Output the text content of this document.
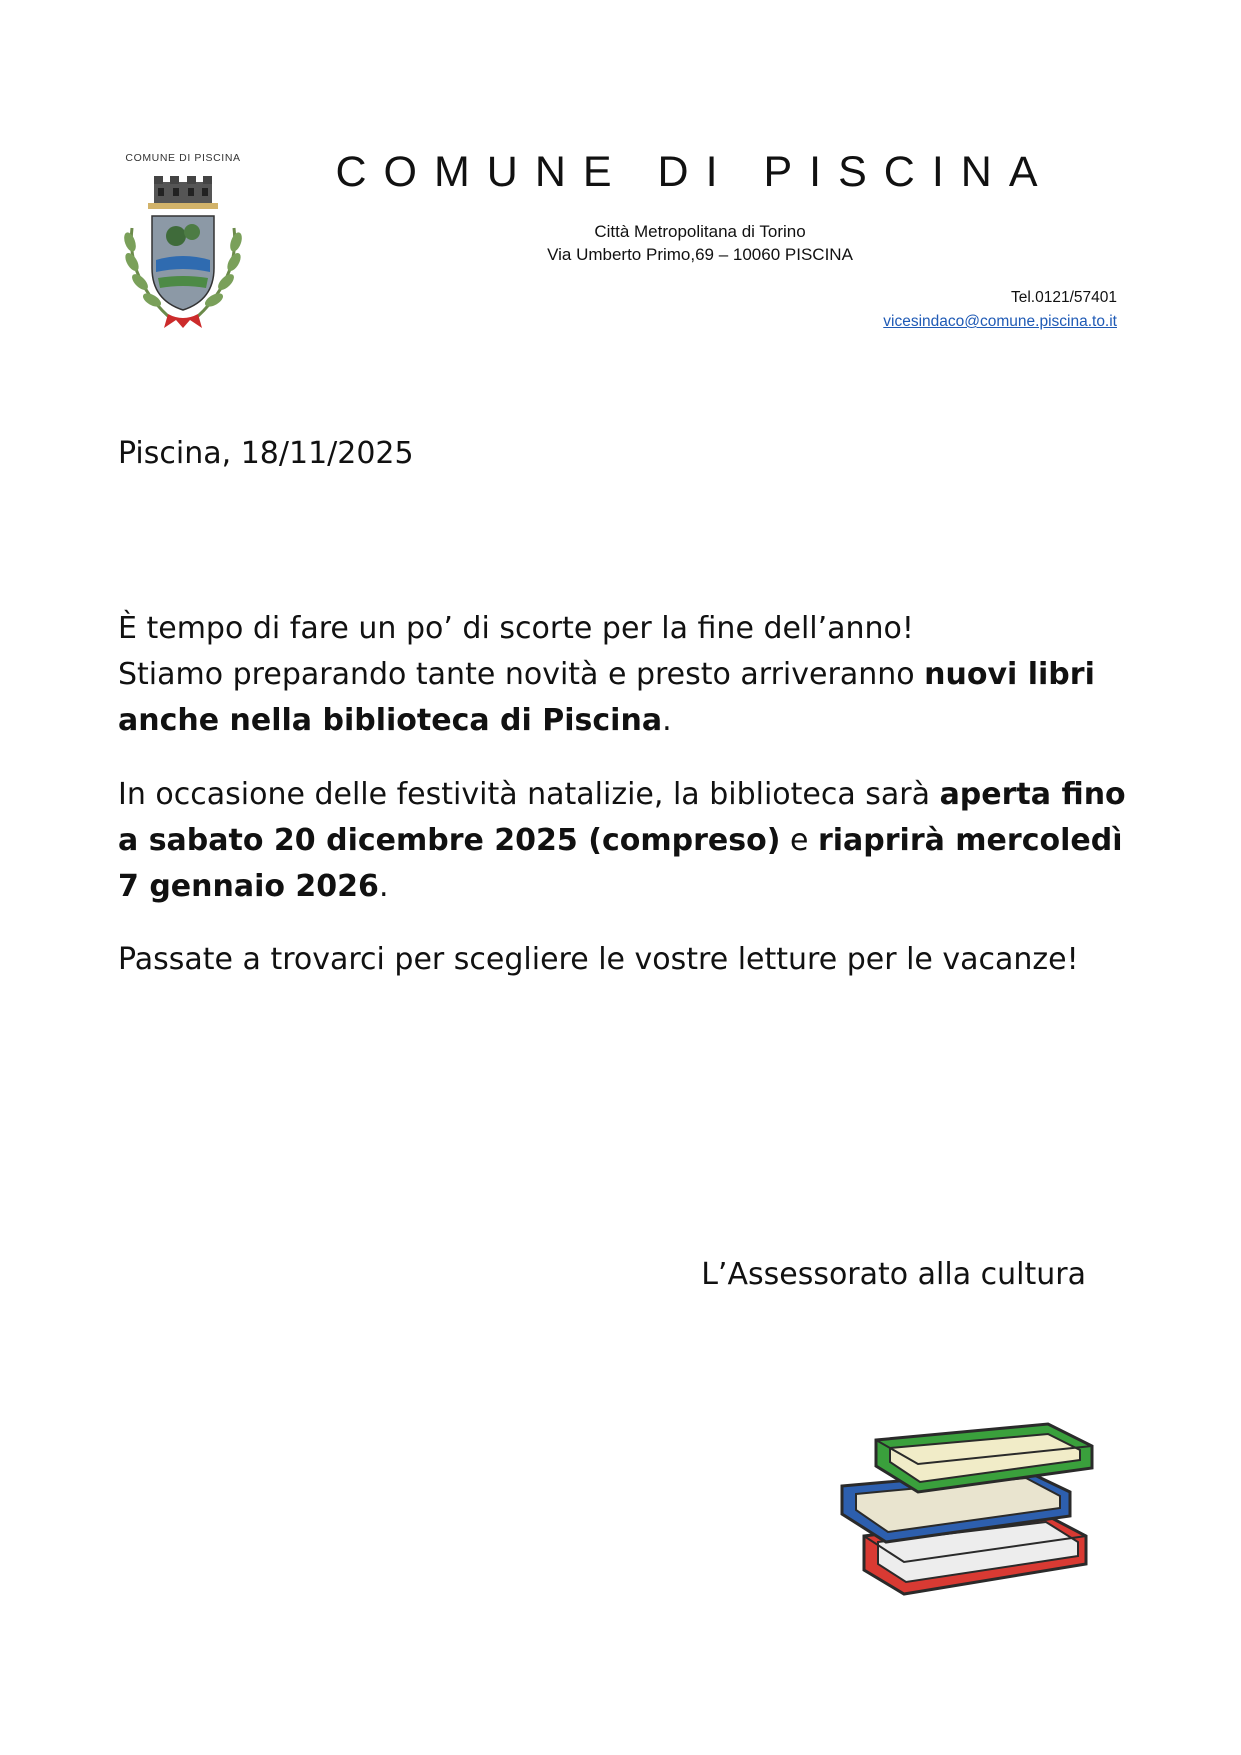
COMUNE DI PISCINA	COMUNE DI PISCINA
Città Metropolitana di Torino
Via Umberto Primo,69 – 10060 PISCINA
Tel.0121/57401
vicesindaco@comune.piscina.to.it
Piscina, 18/11/2025
È tempo di fare un po’ di scorte per la fine dell’anno!
Stiamo preparando tante novità e presto arriveranno nuovi libri anche nella biblioteca di Piscina.
In occasione delle festività natalizie, la biblioteca sarà aperta fino a sabato 20 dicembre 2025 (compreso) e riaprirà mercoledì 7 gennaio 2026.
Passate a trovarci per scegliere le vostre letture per le vacanze!
L’Assessorato alla cultura
